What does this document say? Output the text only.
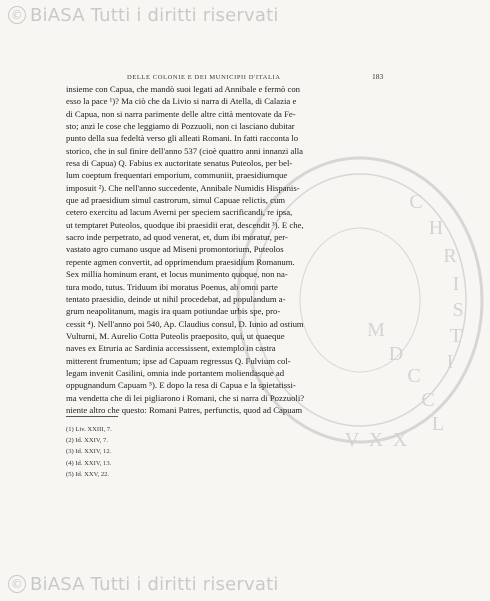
© BiASA Tutti i diritti riservati
C
H
R
I
S
T
I
M
D
C
C
L
X
X
V
DELLE COLONIE E DEI MUNICIPII D'ITALIA	183
insieme con Capua, che mandò suoi legati ad Annibale e fermò con
esso la pace ¹)? Ma ciò che da Livio si narra di Atella, di Calazia e
di Capua, non si narra parimente delle altre città mentovate da Fe-
sto; anzi le cose che leggiamo di Pozzuoli, non ci lasciano dubitar
punto della sua fedeltà verso gli alleati Romani. In fatti racconta lo
storico, che in sul finire dell'anno 537 (cioè quattro anni innanzi alla
resa di Capua) Q. Fabius ex auctoritate senatus Puteolos, per bel-
lum coeptum frequentari emporium, communiit, praesidiumque
imposuit ²). Che nell'anno succedente, Annibale Numidis Hispanis-
que ad praesidium simul castrorum, simul Capuae relictis, cum
cetero exercitu ad lacum Averni per speciem sacrificandi, re ipsa,
ut temptaret Puteolos, quodque ibi praesidii erat, descendit ³). E che,
sacro inde perpetrato, ad quod venerat, et, dum ibi moratur, per-
vastato agro cumano usque ad Miseni promontorium, Puteolos
repente agmen convertit, ad opprimendum praesidium Romanum.
Sex millia hominum erant, et locus munimento quoque, non na-
tura modo, tutus. Triduum ibi moratus Poenus, ab omni parte
tentato praesidio, deinde ut nihil procedebat, ad populandum a-
grum neapolitanum, magis ira quam potiundae urbis spe, pro-
cessit ⁴). Nell'anno poi 540, Ap. Claudius consul, D. Iunio ad ostium
Vulturni, M. Aurelio Cotta Puteolis praeposito, qui, ut quaeque
naves ex Etruria ac Sardinia accessissent, extemplo in castra
mitterent frumentum; ipse ad Capuam regressus Q. Fulvium col-
legam invenit Casilini, omnia inde portantem moliendasque ad
oppugnandum Capuam ⁵). E dopo la resa di Capua e la spietatissi-
ma vendetta che di lei pigliarono i Romani, che si narra di Pozzuoli?
niente altro che questo: Romani Patres, perfunctis, quod ad Capuam
(1) Liv. XXIII, 7.
(2) Id. XXIV, 7.
(3) Id. XXIV, 12.
(4) Id. XXIV, 13.
(5) Id. XXV, 22.
© BiASA Tutti i diritti riservati
